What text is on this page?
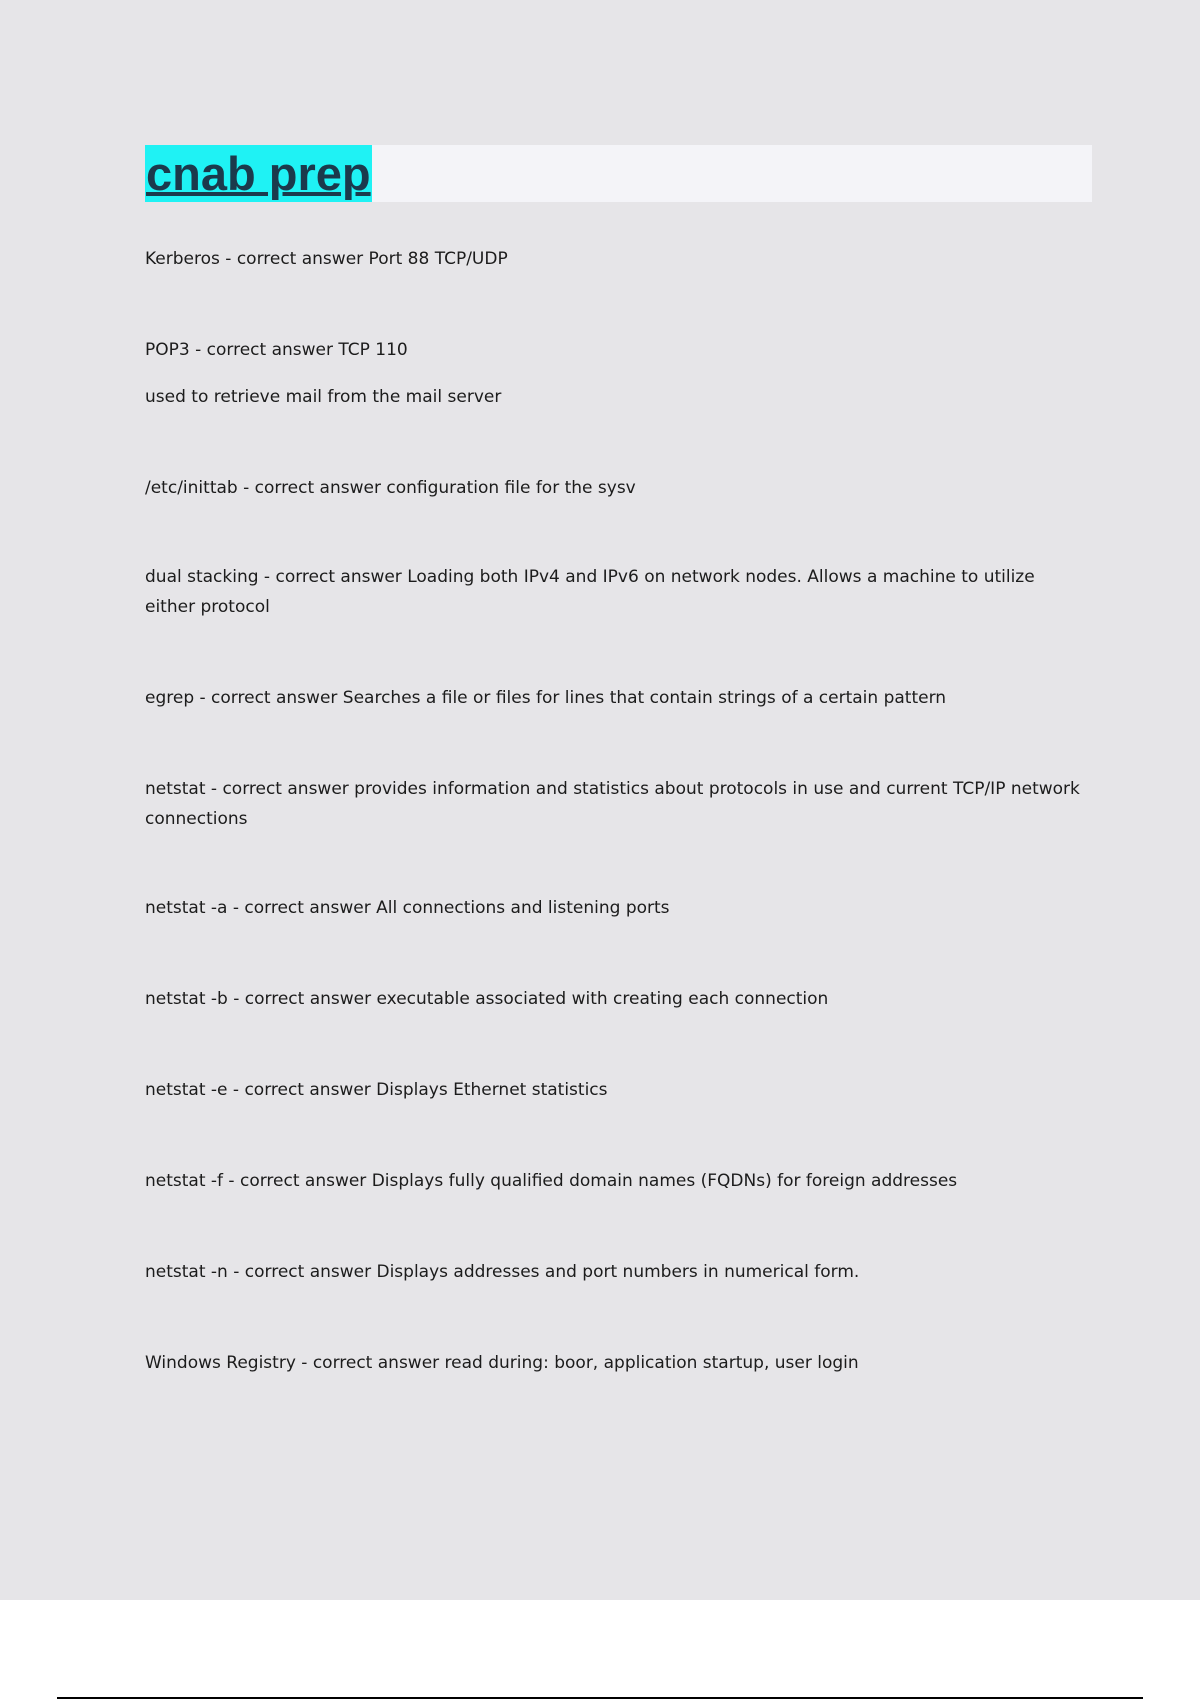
cnab prep
Kerberos - correct answer Port 88 TCP/UDP
POP3 - correct answer TCP 110
used to retrieve mail from the mail server
/etc/inittab - correct answer configuration file for the sysv
dual stacking - correct answer Loading both IPv4 and IPv6 on network nodes. Allows a machine to utilize either protocol
egrep - correct answer Searches a file or files for lines that contain strings of a certain pattern
netstat - correct answer provides information and statistics about protocols in use and current TCP/IP network connections
netstat -a - correct answer All connections and listening ports
netstat -b - correct answer executable associated with creating each connection
netstat -e - correct answer Displays Ethernet statistics
netstat -f - correct answer Displays fully qualified domain names (FQDNs) for foreign addresses
netstat -n - correct answer Displays addresses and port numbers in numerical form.
Windows Registry - correct answer read during: boor, application startup, user login
